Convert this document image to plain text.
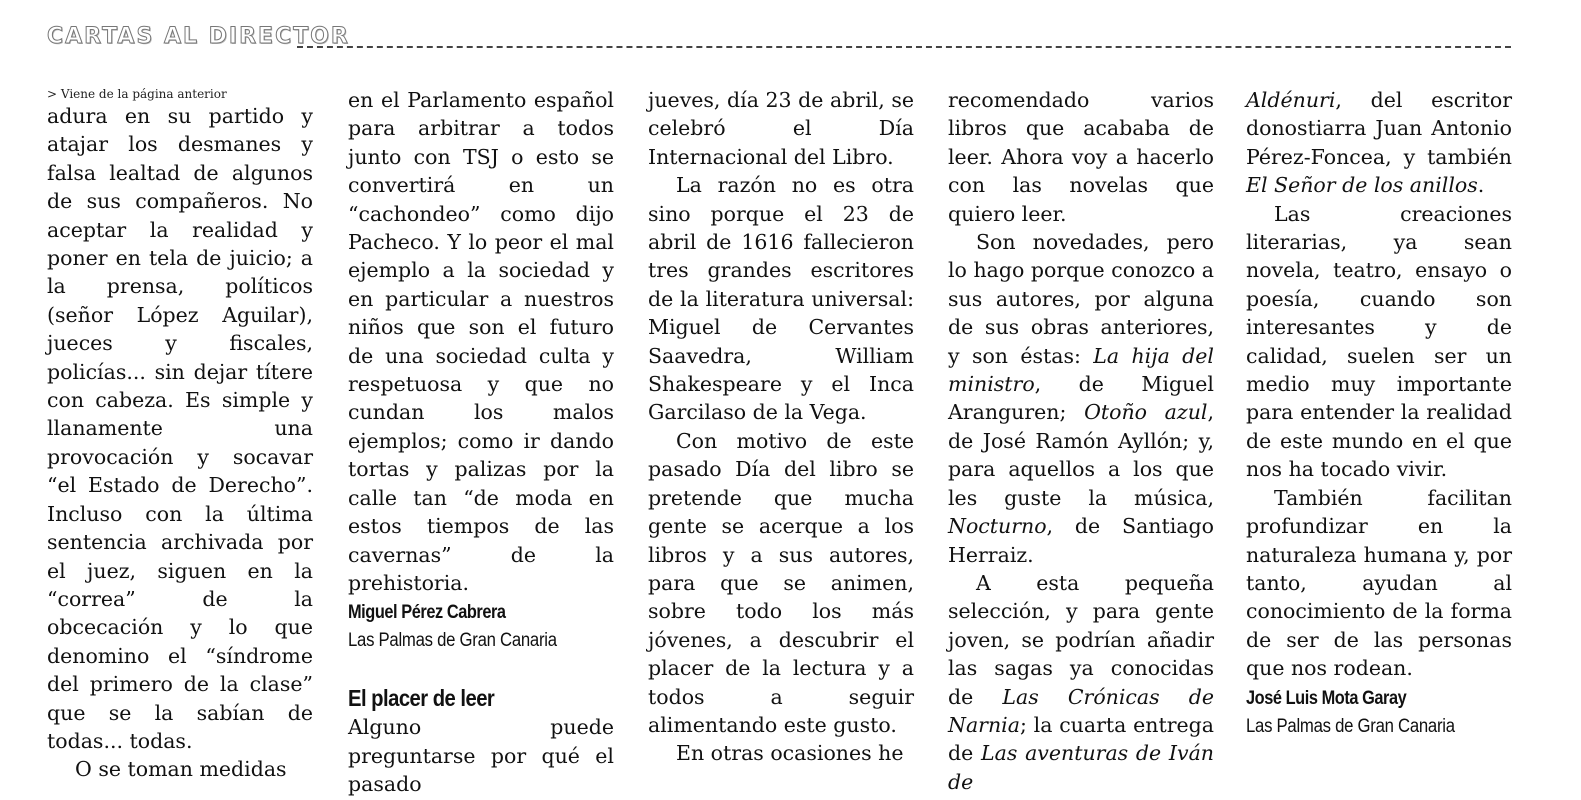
CARTAS AL DIRECTOR
> Viene de la página anterior

adura en su partido y atajar los desmanes y falsa lealtad de algunos de sus compañeros. No aceptar la realidad y poner en tela de juicio; a la prensa, políticos (señor López Aguilar), jueces y fiscales, policías... sin dejar títere con cabeza. Es simple y llanamente una provocación y socavar “el Estado de Derecho”. Incluso con la última sentencia archivada por el juez, siguen en la “correa” de la obcecación y lo que denomino el “síndrome del primero de la clase” que se la sabían de todas... todas.

O se toman medidas

en el Parlamento español para arbitrar a todos junto con TSJ o esto se convertirá en un “cachondeo” como dijo Pacheco. Y lo peor el mal ejemplo a la sociedad y en particular a nuestros niños que son el futuro de una sociedad culta y respetuosa y que no cundan los malos ejemplos; como ir dando tortas y palizas por la calle tan “de moda en estos tiempos de las cavernas” de la prehistoria.

Miguel Pérez Cabrera
Las Palmas de Gran Canaria
El placer de leer

Alguno puede preguntarse por qué el pasado

jueves, día 23 de abril, se celebró el Día Internacional del Libro.

La razón no es otra sino porque el 23 de abril de 1616 fallecieron tres grandes escritores de la literatura universal: Miguel de Cervantes Saavedra, William Shakespeare y el Inca Garcilaso de la Vega.

Con motivo de este pasado Día del libro se pretende que mucha gente se acerque a los libros y a sus autores, para que se animen, sobre todo los más jóvenes, a descubrir el placer de la lectura y a todos a seguir alimentando este gusto.

En otras ocasiones he

recomendado varios libros que acababa de leer. Ahora voy a hacerlo con las novelas que quiero leer.

Son novedades, pero lo hago porque conozco a sus autores, por alguna de sus obras anteriores, y son éstas: La hija del ministro, de Miguel Aranguren; Otoño azul, de José Ramón Ayllón; y, para aquellos a los que les guste la música, Nocturno, de Santiago Herraiz.

A esta pequeña selección, y para gente joven, se podrían añadir las sagas ya conocidas de Las Crónicas de Narnia; la cuarta entrega de Las aventuras de Iván de

Aldénuri, del escritor donostiarra Juan Antonio Pérez-Foncea, y también El Señor de los anillos.

Las creaciones literarias, ya sean novela, teatro, ensayo o poesía, cuando son interesantes y de calidad, suelen ser un medio muy importante para entender la realidad de este mundo en el que nos ha tocado vivir.

También facilitan profundizar en la naturaleza humana y, por tanto, ayudan al conocimiento de la forma de ser de las personas que nos rodean.

José Luis Mota Garay
Las Palmas de Gran Canaria
